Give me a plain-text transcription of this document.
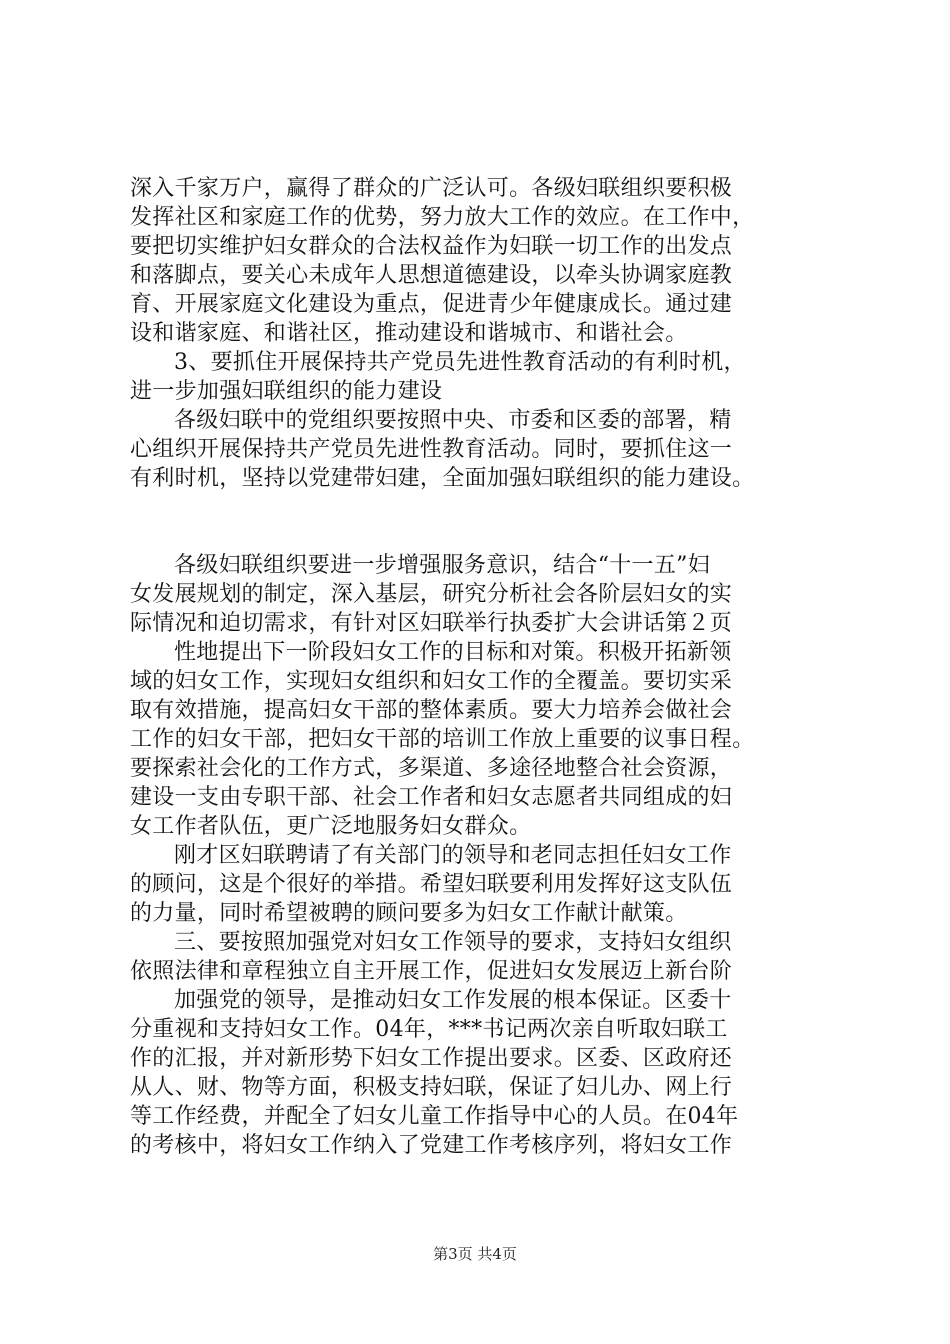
深入千家万户，赢得了群众的广泛认可。各级妇联组织要积极
发挥社区和家庭工作的优势，努力放大工作的效应。在工作中，
要把切实维护妇女群众的合法权益作为妇联一切工作的出发点
和落脚点，要关心未成年人思想道德建设，以牵头协调家庭教
育、开展家庭文化建设为重点，促进青少年健康成长。通过建
设和谐家庭、和谐社区，推动建设和谐城市、和谐社会。
3、要抓住开展保持共产党员先进性教育活动的有利时机，
进一步加强妇联组织的能力建设
各级妇联中的党组织要按照中央、市委和区委的部署，精
心组织开展保持共产党员先进性教育活动。同时，要抓住这一
有利时机，坚持以党建带妇建，全面加强妇联组织的能力建设。
各级妇联组织要进一步增强服务意识，结合“十一五”妇
女发展规划的制定，深入基层，研究分析社会各阶层妇女的实
际情况和迫切需求，有针对区妇联举行执委扩大会讲话第２页
性地提出下一阶段妇女工作的目标和对策。积极开拓新领
域的妇女工作，实现妇女组织和妇女工作的全覆盖。要切实采
取有效措施，提高妇女干部的整体素质。要大力培养会做社会
工作的妇女干部，把妇女干部的培训工作放上重要的议事日程。
要探索社会化的工作方式，多渠道、多途径地整合社会资源，
建设一支由专职干部、社会工作者和妇女志愿者共同组成的妇
女工作者队伍，更广泛地服务妇女群众。
刚才区妇联聘请了有关部门的领导和老同志担任妇女工作
的顾问，这是个很好的举措。希望妇联要利用发挥好这支队伍
的力量，同时希望被聘的顾问要多为妇女工作献计献策。
三、要按照加强党对妇女工作领导的要求，支持妇女组织
依照法律和章程独立自主开展工作，促进妇女发展迈上新台阶
加强党的领导，是推动妇女工作发展的根本保证。区委十
分重视和支持妇女工作。04年，***书记两次亲自听取妇联工
作的汇报，并对新形势下妇女工作提出要求。区委、区政府还
从人、财、物等方面，积极支持妇联，保证了妇儿办、网上行
等工作经费，并配全了妇女儿童工作指导中心的人员。在04年
的考核中，将妇女工作纳入了党建工作考核序列，将妇女工作
第3页 共4页
